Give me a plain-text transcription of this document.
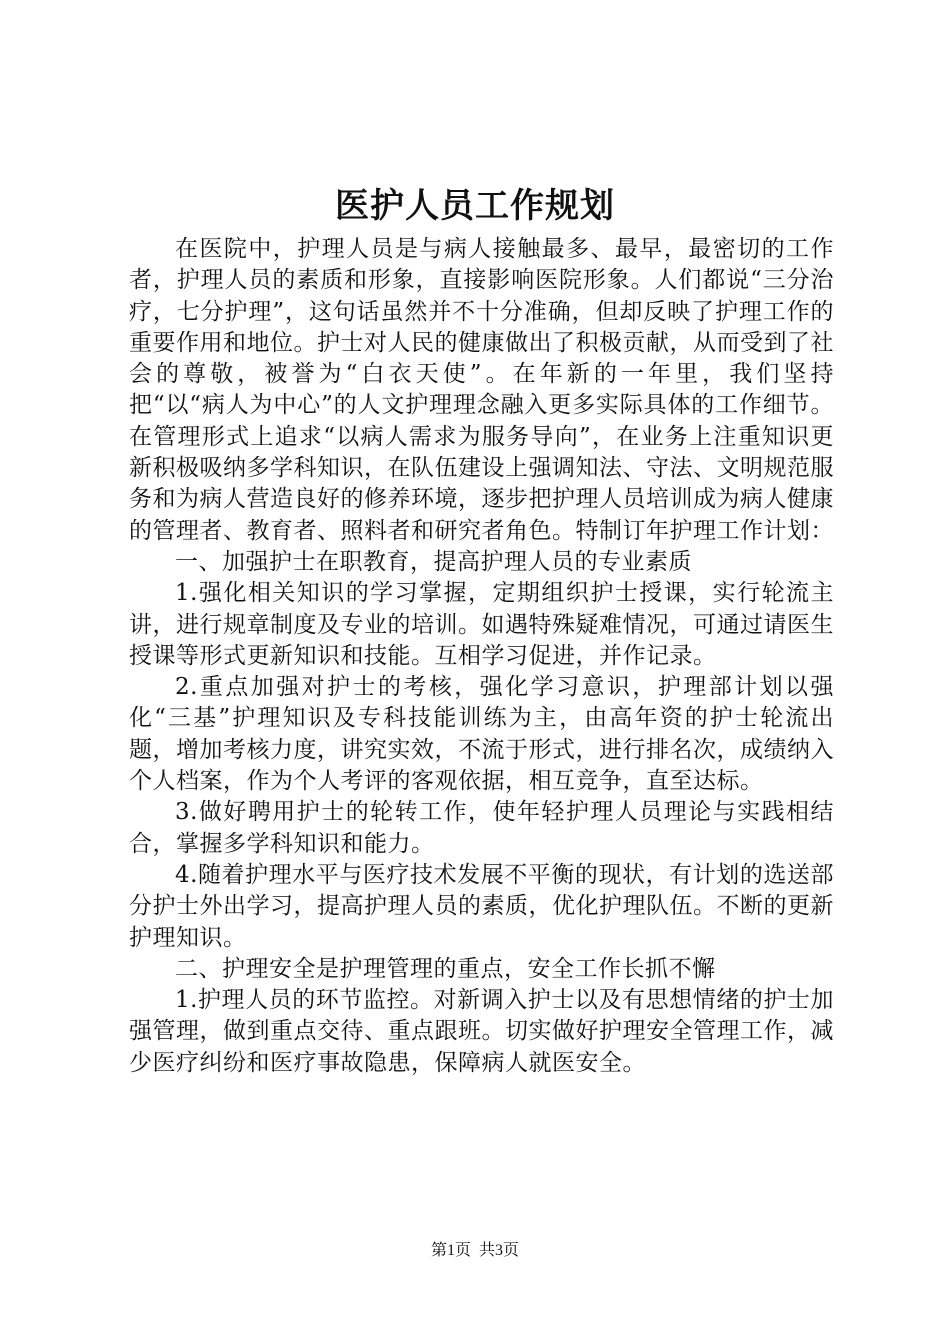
医护人员工作规划

在医院中，护理人员是与病人接触最多、最早，最密切的工作者，护理人员的素质和形象，直接影响医院形象。人们都说“三分治疗，七分护理”，这句话虽然并不十分准确，但却反映了护理工作的重要作用和地位。护士对人民的健康做出了积极贡献，从而受到了社会的尊敬，被誉为“白衣天使”。在年新的一年里，我们坚持把“以“病人为中心”的人文护理理念融入更多实际具体的工作细节。在管理形式上追求“以病人需求为服务导向”，在业务上注重知识更新积极吸纳多学科知识，在队伍建设上强调知法、守法、文明规范服务和为病人营造良好的修养环境，逐步把护理人员培训成为病人健康的管理者、教育者、照料者和研究者角色。特制订年护理工作计划：

一、加强护士在职教育，提高护理人员的专业素质

1.强化相关知识的学习掌握，定期组织护士授课，实行轮流主讲，进行规章制度及专业的培训。如遇特殊疑难情况，可通过请医生授课等形式更新知识和技能。互相学习促进，并作记录。

2.重点加强对护士的考核，强化学习意识，护理部计划以强化“三基”护理知识及专科技能训练为主，由高年资的护士轮流出题，增加考核力度，讲究实效，不流于形式，进行排名次，成绩纳入个人档案，作为个人考评的客观依据，相互竞争，直至达标。

3.做好聘用护士的轮转工作，使年轻护理人员理论与实践相结合，掌握多学科知识和能力。

4.随着护理水平与医疗技术发展不平衡的现状，有计划的选送部分护士外出学习，提高护理人员的素质，优化护理队伍。不断的更新护理知识。

二、护理安全是护理管理的重点，安全工作长抓不懈

1.护理人员的环节监控。对新调入护士以及有思想情绪的护士加强管理，做到重点交待、重点跟班。切实做好护理安全管理工作，减少医疗纠纷和医疗事故隐患，保障病人就医安全。

第1页 共3页
